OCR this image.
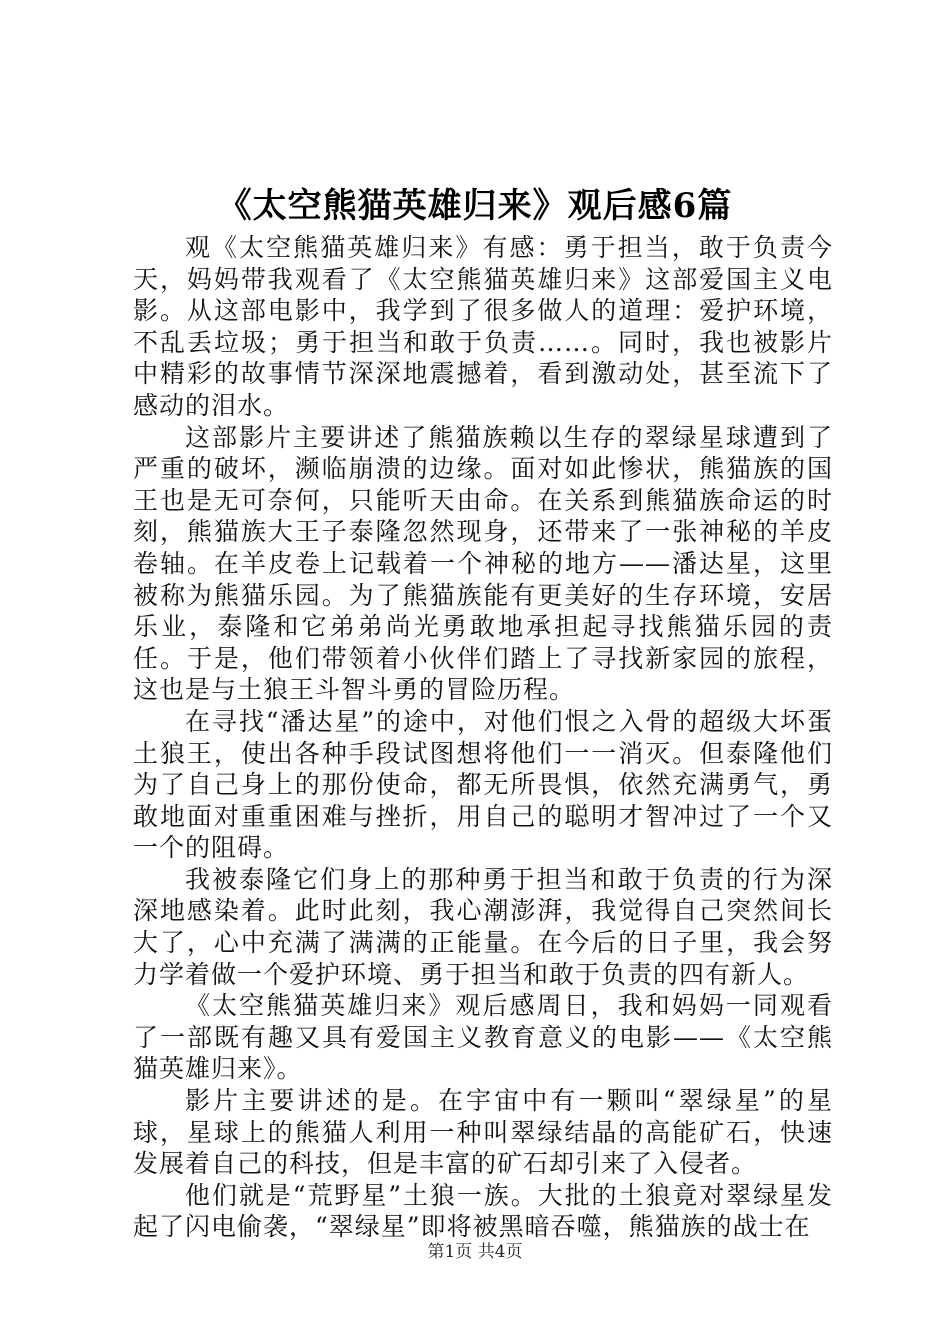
《太空熊猫英雄归来》观后感6篇

观《太空熊猫英雄归来》有感：勇于担当，敢于负责今天，妈妈带我观看了《太空熊猫英雄归来》这部爱国主义电影。从这部电影中，我学到了很多做人的道理：爱护环境，不乱丢垃圾；勇于担当和敢于负责……。同时，我也被影片中精彩的故事情节深深地震撼着，看到激动处，甚至流下了感动的泪水。

这部影片主要讲述了熊猫族赖以生存的翠绿星球遭到了严重的破坏，濒临崩溃的边缘。面对如此惨状，熊猫族的国王也是无可奈何，只能听天由命。在关系到熊猫族命运的时刻，熊猫族大王子泰隆忽然现身，还带来了一张神秘的羊皮卷轴。在羊皮卷上记载着一个神秘的地方——潘达星，这里被称为熊猫乐园。为了熊猫族能有更美好的生存环境，安居乐业，泰隆和它弟弟尚光勇敢地承担起寻找熊猫乐园的责任。于是，他们带领着小伙伴们踏上了寻找新家园的旅程，这也是与土狼王斗智斗勇的冒险历程。

在寻找“潘达星”的途中，对他们恨之入骨的超级大坏蛋土狼王，使出各种手段试图想将他们一一消灭。但泰隆他们为了自己身上的那份使命，都无所畏惧，依然充满勇气，勇敢地面对重重困难与挫折，用自己的聪明才智冲过了一个又一个的阻碍。

我被泰隆它们身上的那种勇于担当和敢于负责的行为深深地感染着。此时此刻，我心潮澎湃，我觉得自己突然间长大了，心中充满了满满的正能量。在今后的日子里，我会努力学着做一个爱护环境、勇于担当和敢于负责的四有新人。

《太空熊猫英雄归来》观后感周日，我和妈妈一同观看了一部既有趣又具有爱国主义教育意义的电影——《太空熊猫英雄归来》。

影片主要讲述的是。在宇宙中有一颗叫“翠绿星”的星球，星球上的熊猫人利用一种叫翠绿结晶的高能矿石，快速发展着自己的科技，但是丰富的矿石却引来了入侵者。

他们就是“荒野星”土狼一族。大批的土狼竟对翠绿星发起了闪电偷袭，“翠绿星”即将被黑暗吞噬，熊猫族的战士在

第1页 共4页
